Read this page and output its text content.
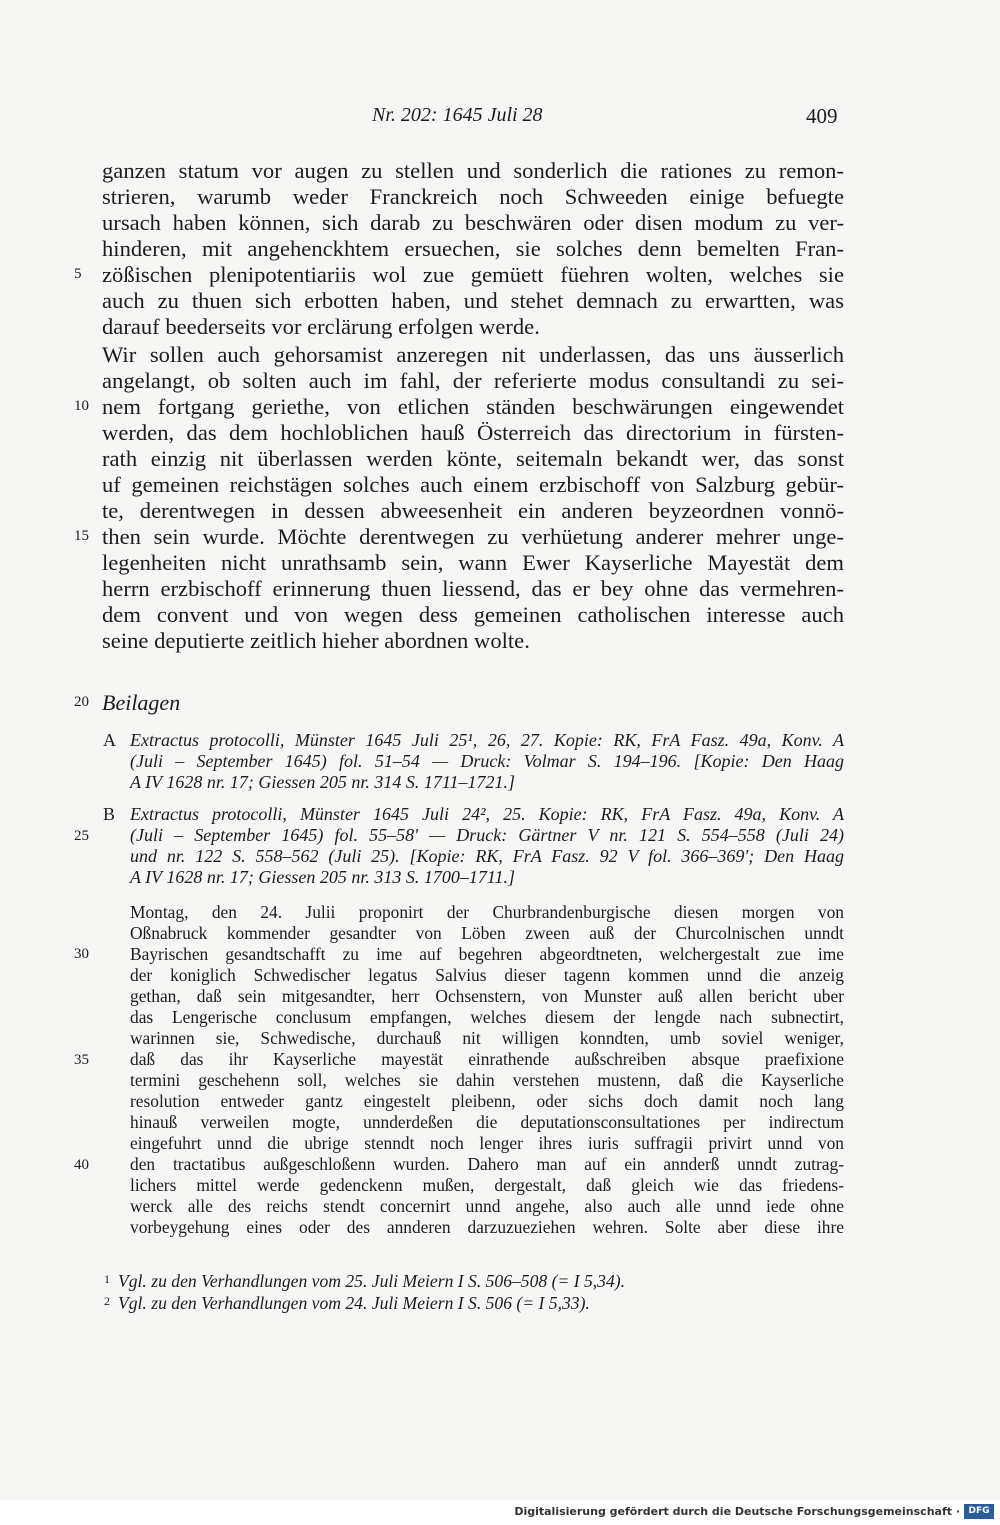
Nr. 202: 1645 Juli 28	409
ganzen statum vor augen zu stellen und sonderlich die rationes zu remon-
strieren, warumb weder Franckreich noch Schweeden einige befuegte
ursach haben können, sich darab zu beschwären oder disen modum zu ver-
hinderen, mit angehenckhtem ersuechen, sie solches denn bemelten Fran-
zößischen plenipotentiariis wol zue gemüett füehren wolten, welches sie
auch zu thuen sich erbotten haben, und stehet demnach zu erwartten, was
darauf beederseits vor erclärung erfolgen werde.
Wir sollen auch gehorsamist anzeregen nit underlassen, das uns äusserlich
angelangt, ob solten auch im fahl, der referierte modus consultandi zu sei-
nem fortgang geriethe, von etlichen ständen beschwärungen eingewendet
werden, das dem hochloblichen hauß Österreich das directorium in fürsten-
rath einzig nit überlassen werden könte, seitemaln bekandt wer, das sonst
uf gemeinen reichstägen solches auch einem erzbischoff von Salzburg gebür-
te, derentwegen in dessen abweesenheit ein anderen beyzeordnen vonnö-
then sein wurde. Möchte derentwegen zu verhüetung anderer mehrer unge-
legenheiten nicht unrathsamb sein, wann Ewer Kayserliche Mayestät dem
herrn erzbischoff erinnerung thuen liessend, das er bey ohne das vermehren-
dem convent und von wegen dess gemeinen catholischen interesse auch
seine deputierte zeitlich hieher abordnen wolte.
5
10
15
20 Beilagen
A Extractus protocolli, Münster 1645 Juli 25¹, 26, 27. Kopie: RK, FrA Fasz. 49a, Konv. A
(Juli – September 1645) fol. 51–54 — Druck: Volmar S. 194–196. [Kopie: Den Haag
A IV 1628 nr. 17; Giessen 205 nr. 314 S. 1711–1721.]
B Extractus protocolli, Münster 1645 Juli 24², 25. Kopie: RK, FrA Fasz. 49a, Konv. A
(Juli – September 1645) fol. 55–58' — Druck: Gärtner V nr. 121 S. 554–558 (Juli 24)
und nr. 122 S. 558–562 (Juli 25). [Kopie: RK, FrA Fasz. 92 V fol. 366–369'; Den Haag
A IV 1628 nr. 17; Giessen 205 nr. 313 S. 1700–1711.]
25
Montag, den 24. Julii proponirt der Churbrandenburgische diesen morgen von
Oßnabruck kommender gesandter von Löben zween auß der Churcolnischen unndt
Bayrischen gesandtschafft zu ime auf begehren abgeordtneten, welchergestalt zue ime
der koniglich Schwedischer legatus Salvius dieser tagenn kommen unnd die anzeig
gethan, daß sein mitgesandter, herr Ochsenstern, von Munster auß allen bericht uber
das Lengerische conclusum empfangen, welches diesem der lengde nach subnectirt,
warinnen sie, Schwedische, durchauß nit willigen konndten, umb soviel weniger,
daß das ihr Kayserliche mayestät einrathende außschreiben absque praefixione
termini geschehenn soll, welches sie dahin verstehen mustenn, daß die Kayserliche
resolution entweder gantz eingestelt pleibenn, oder sichs doch damit noch lang
hinauß verweilen mogte, unnderdeßen die deputationsconsultationes per indirectum
eingefuhrt unnd die ubrige stenndt noch lenger ihres iuris suffragii privirt unnd von
den tractatibus außgeschloßenn wurden. Dahero man auf ein annderß unndt zutrag-
lichers mittel werde gedenckenn mußen, dergestalt, daß gleich wie das friedens-
werck alle des reichs stendt concernirt unnd angehe, also auch alle unnd iede ohne
vorbeygehung eines oder des annderen darzuzueziehen wehren. Solte aber diese ihre
30
35
40
$^1$ Vgl. zu den Verhandlungen vom 25. Juli Meiern I S. 506–508 (= I 5,34).
$^2$ Vgl. zu den Verhandlungen vom 24. Juli Meiern I S. 506 (= I 5,33).
Digitalisierung gefördert durch die Deutsche Forschungsgemeinschaft · DFG
